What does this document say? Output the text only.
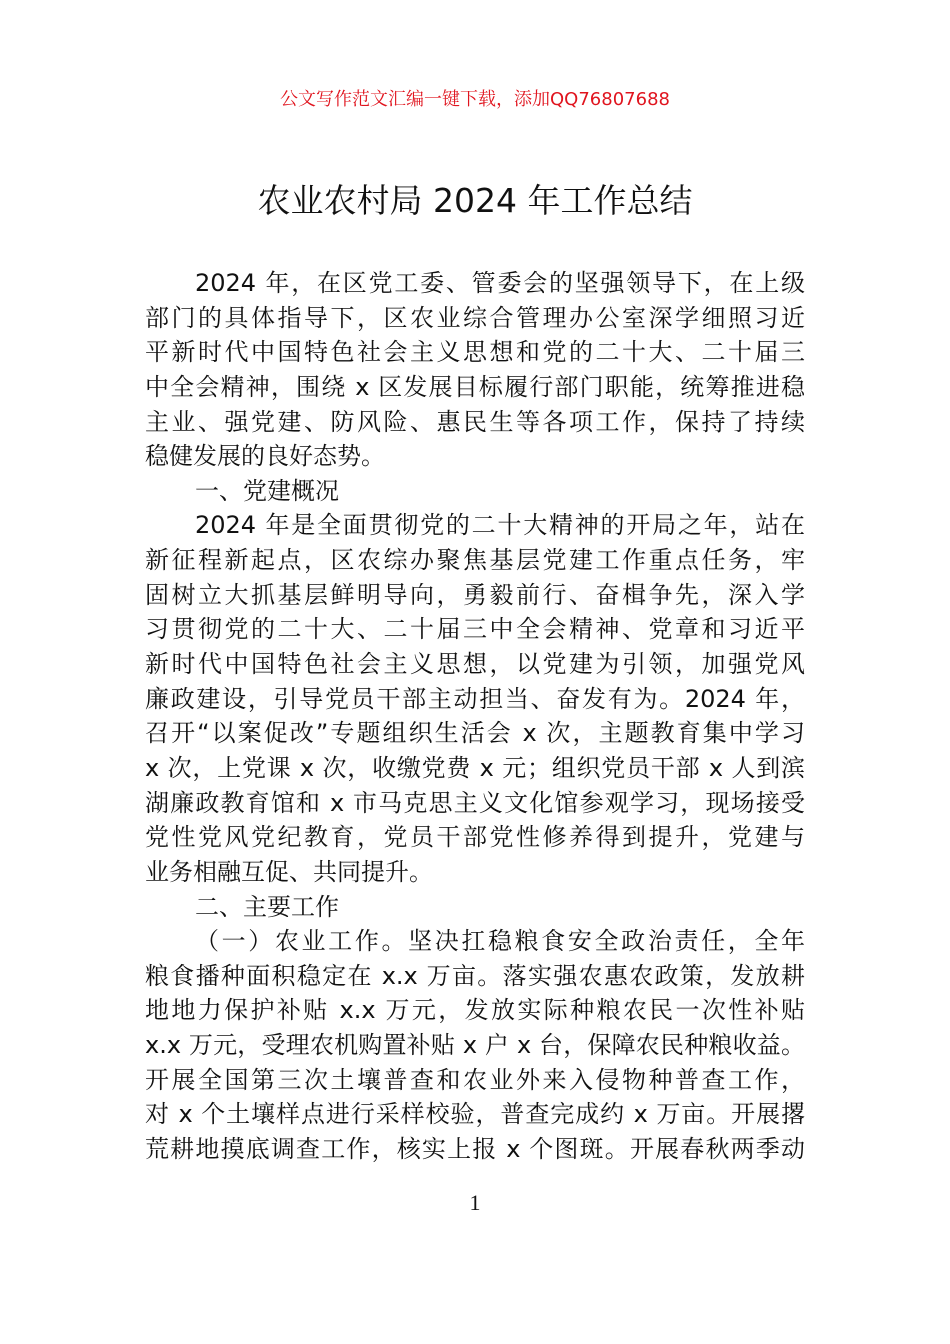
公文写作范文汇编一键下载，添加QQ76807688
农业农村局 2024 年工作总结
2024 年，在区党工委、管委会的坚强领导下，在上级
部门的具体指导下，区农业综合管理办公室深学细照习近
平新时代中国特色社会主义思想和党的二十大、二十届三
中全会精神，围绕 x 区发展目标履行部门职能，统筹推进稳
主业、强党建、防风险、惠民生等各项工作，保持了持续
稳健发展的良好态势。
一、党建概况
2024 年是全面贯彻党的二十大精神的开局之年，站在
新征程新起点，区农综办聚焦基层党建工作重点任务，牢
固树立大抓基层鲜明导向，勇毅前行、奋楫争先，深入学
习贯彻党的二十大、二十届三中全会精神、党章和习近平
新时代中国特色社会主义思想，以党建为引领，加强党风
廉政建设，引导党员干部主动担当、奋发有为。2024 年，
召开“以案促改”专题组织生活会 x 次，主题教育集中学习
x 次，上党课 x 次，收缴党费 x 元；组织党员干部 x 人到滨
湖廉政教育馆和 x 市马克思主义文化馆参观学习，现场接受
党性党风党纪教育，党员干部党性修养得到提升，党建与
业务相融互促、共同提升。
二、主要工作
（一）农业工作。坚决扛稳粮食安全政治责任，全年
粮食播种面积稳定在 x.x 万亩。落实强农惠农政策，发放耕
地地力保护补贴 x.x 万元，发放实际种粮农民一次性补贴
x.x 万元，受理农机购置补贴 x 户 x 台，保障农民种粮收益。
开展全国第三次土壤普查和农业外来入侵物种普查工作，
对 x 个土壤样点进行采样校验，普查完成约 x 万亩。开展撂
荒耕地摸底调查工作，核实上报 x 个图斑。开展春秋两季动
1
